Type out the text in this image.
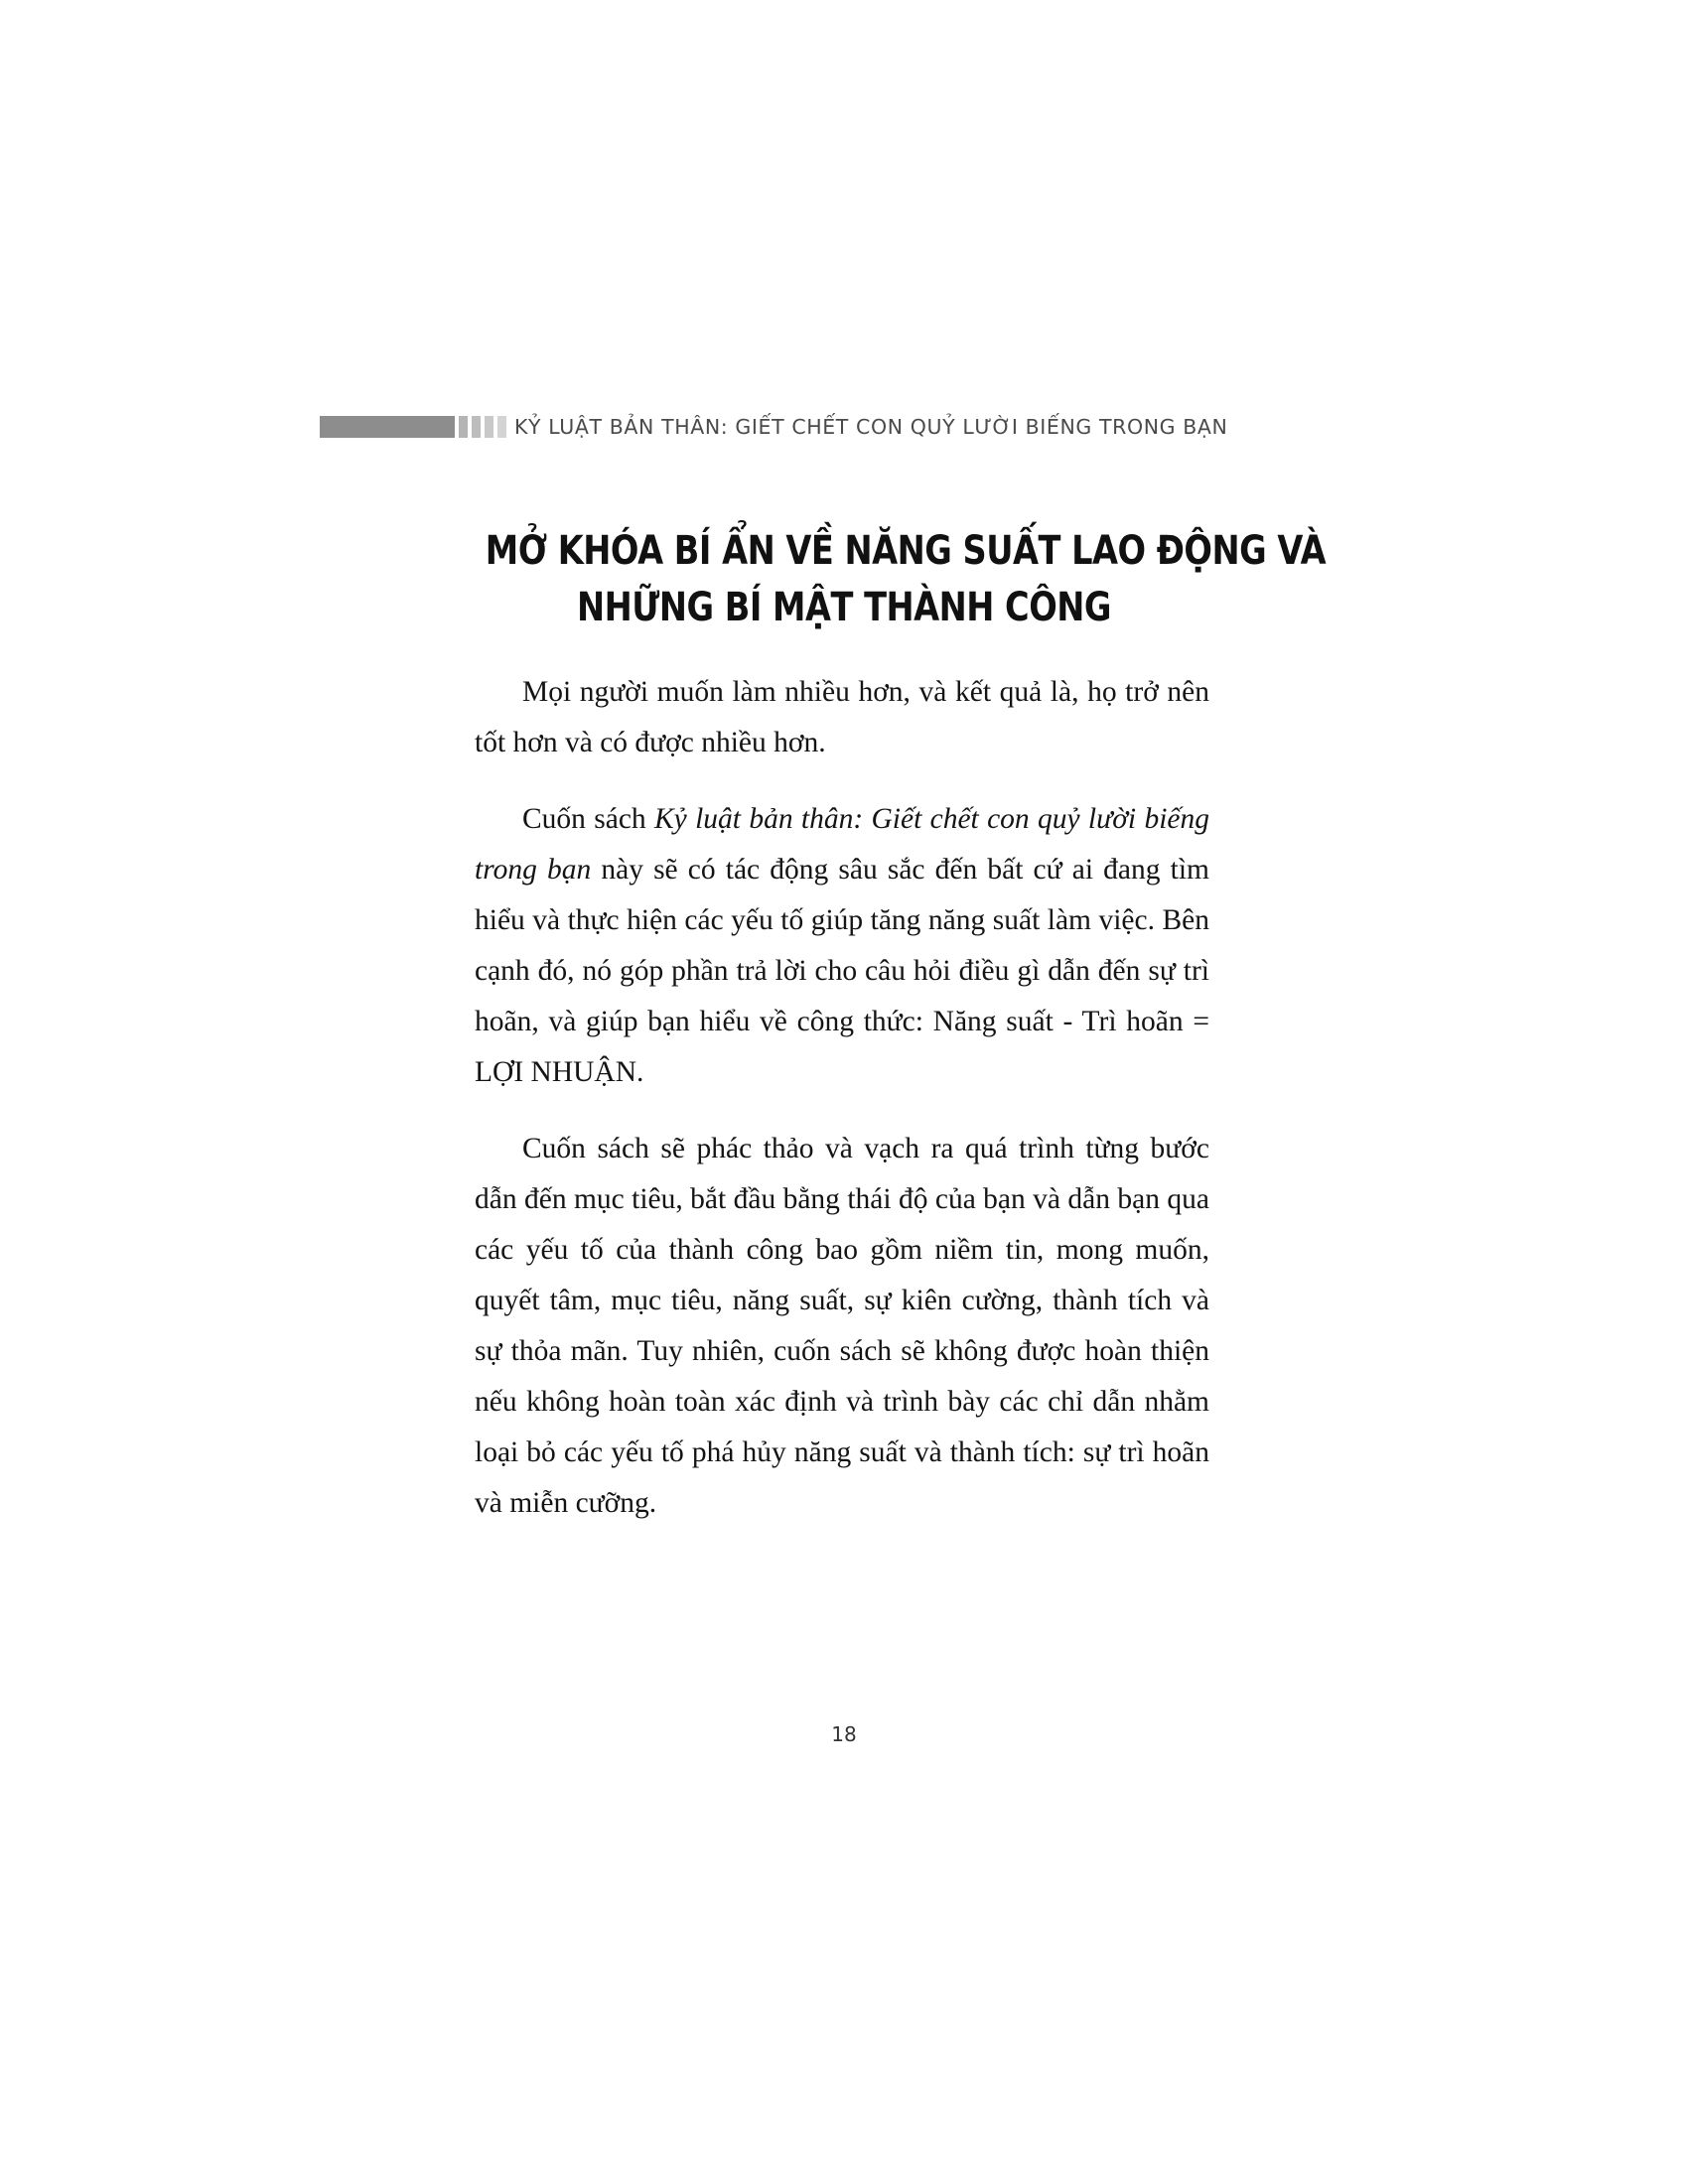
KỶ LUẬT BẢN THÂN: GIẾT CHẾT CON QUỶ LƯỜI BIẾNG TRONG BẠN
MỞ KHÓA BÍ ẨN VỀ NĂNG SUẤT LAO ĐỘNG VÀ
NHỮNG BÍ MẬT THÀNH CÔNG

Mọi người muốn làm nhiều hơn, và kết quả là, họ trở nên tốt hơn và có được nhiều hơn.

Cuốn sách Kỷ luật bản thân: Giết chết con quỷ lười biếng trong bạn này sẽ có tác động sâu sắc đến bất cứ ai đang tìm hiểu và thực hiện các yếu tố giúp tăng năng suất làm việc. Bên cạnh đó, nó góp phần trả lời cho câu hỏi điều gì dẫn đến sự trì hoãn, và giúp bạn hiểu về công thức: Năng suất - Trì hoãn = LỢI NHUẬN.

Cuốn sách sẽ phác thảo và vạch ra quá trình từng bước dẫn đến mục tiêu, bắt đầu bằng thái độ của bạn và dẫn bạn qua các yếu tố của thành công bao gồm niềm tin, mong muốn, quyết tâm, mục tiêu, năng suất, sự kiên cường, thành tích và sự thỏa mãn. Tuy nhiên, cuốn sách sẽ không được hoàn thiện nếu không hoàn toàn xác định và trình bày các chỉ dẫn nhằm loại bỏ các yếu tố phá hủy năng suất và thành tích: sự trì hoãn và miễn cưỡng.

18
